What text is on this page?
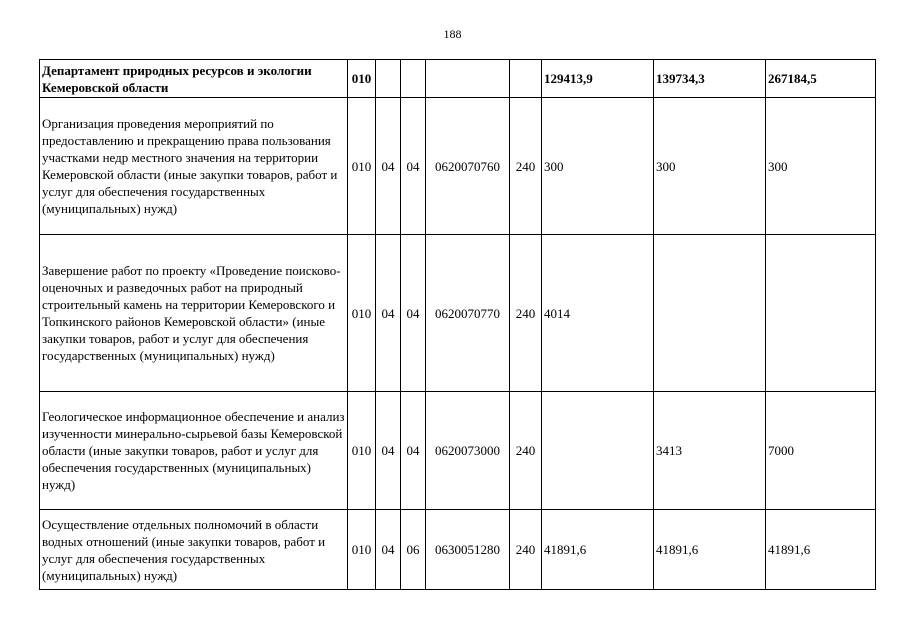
188
Департамент природных ресурсов и экологии Кемеровской области	010					129413,9	139734,3	267184,5
Организация проведения мероприятий по предоставлению и прекращению права пользования участками недр местного значения на территории Кемеровской области (иные закупки товаров, работ и услуг для обеспечения государственных (муниципальных) нужд)	010	04	04	0620070760	240	300	300	300
Завершение работ по проекту «Проведение поисково-оценочных и разведочных работ на природный строительный камень на территории Кемеровского и Топкинского районов Кемеровской области» (иные закупки товаров, работ и услуг для обеспечения государственных (муниципальных) нужд)	010	04	04	0620070770	240	4014		
Геологическое информационное обеспечение и анализ изученности минерально-сырьевой базы Кемеровской области (иные закупки товаров, работ и услуг для обеспечения государственных (муниципальных) нужд)	010	04	04	0620073000	240		3413	7000
Осуществление отдельных полномочий в области водных отношений (иные закупки товаров, работ и услуг для обеспечения государственных (муниципальных) нужд)	010	04	06	0630051280	240	41891,6	41891,6	41891,6
